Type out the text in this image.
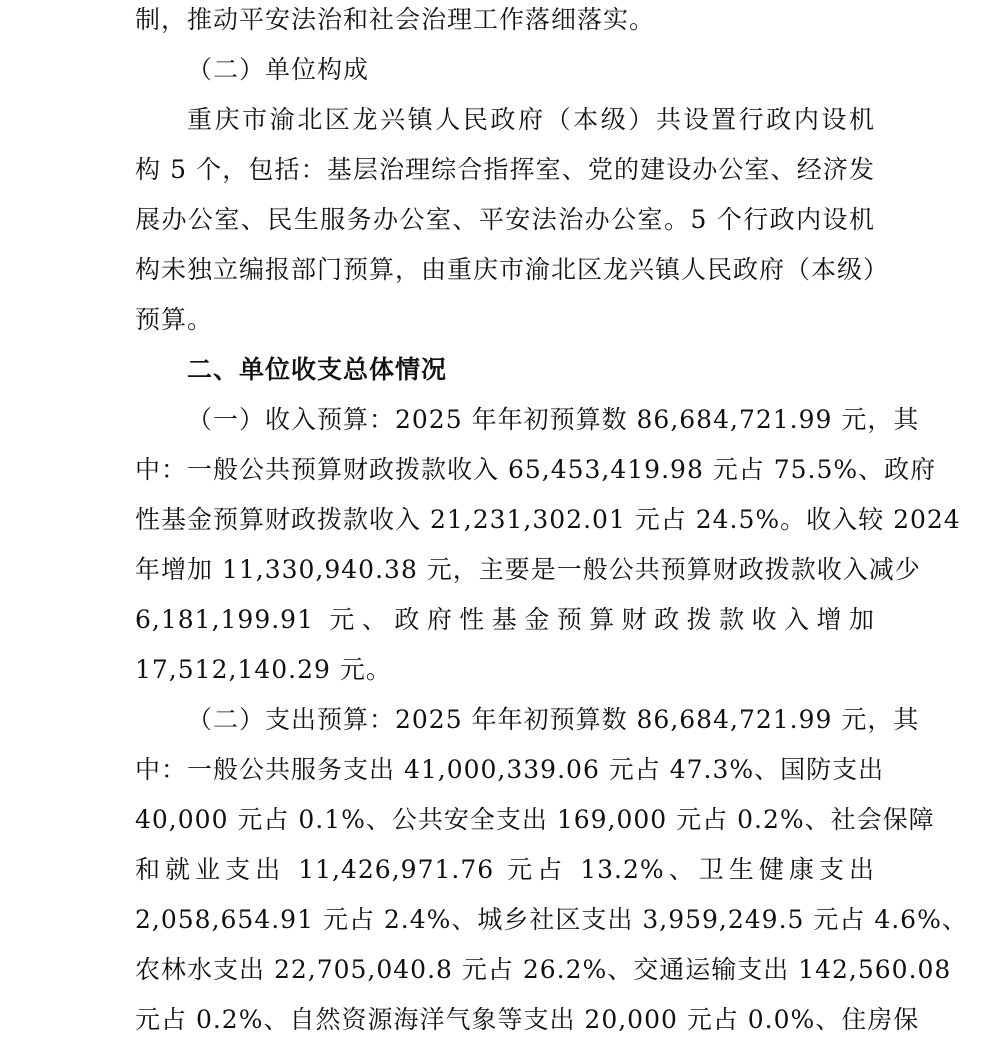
制，推动平安法治和社会治理工作落细落实。
（二）单位构成
重庆市渝北区龙兴镇人民政府（本级）共设置行政内设机
构 5 个，包括：基层治理综合指挥室、党的建设办公室、经济发
展办公室、民生服务办公室、平安法治办公室。5 个行政内设机
构未独立编报部门预算，由重庆市渝北区龙兴镇人民政府（本级）
预算。
二、单位收支总体情况
（一）收入预算：2025 年年初预算数 86,684,721.99 元，其
中：一般公共预算财政拨款收入 65,453,419.98 元占 75.5%、政府
性基金预算财政拨款收入 21,231,302.01 元占 24.5%。收入较 2024
年增加 11,330,940.38 元，主要是一般公共预算财政拨款收入减少
6,181,199.91 元、政府性基金预算财政拨款收入增加
17,512,140.29 元。
（二）支出预算：2025 年年初预算数 86,684,721.99 元，其
中：一般公共服务支出 41,000,339.06 元占 47.3%、国防支出
40,000 元占 0.1%、公共安全支出 169,000 元占 0.2%、社会保障
和就业支出 11,426,971.76 元占 13.2%、卫生健康支出
2,058,654.91 元占 2.4%、城乡社区支出 3,959,249.5 元占 4.6%、
农林水支出 22,705,040.8 元占 26.2%、交通运输支出 142,560.08
元占 0.2%、自然资源海洋气象等支出 20,000 元占 0.0%、住房保
